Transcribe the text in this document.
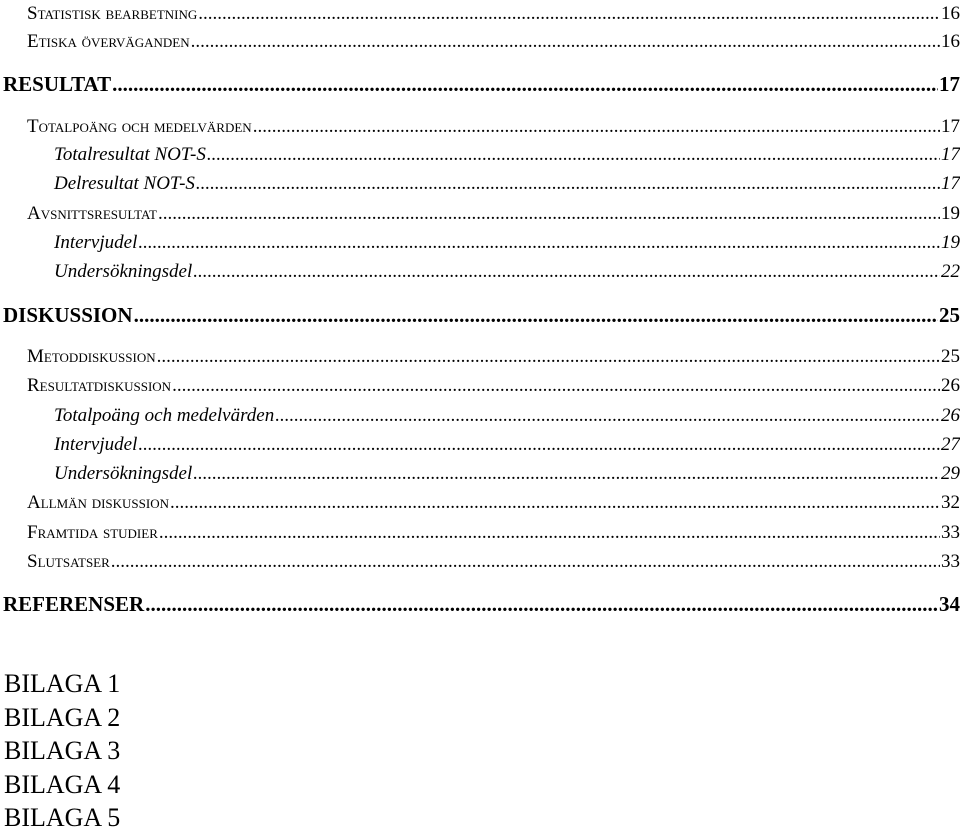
Statistisk bearbetning .....	16
Etiska överväganden .....	16
RESULTAT .....	17
Totalpoäng och medelvärden .....	17
Totalresultat NOT-S .....	17
Delresultat NOT-S .....	17
Avsnittsresultat .....	19
Intervjudel .....	19
Undersökningsdel .....	22
DISKUSSION .....	25
Metoddiskussion .....	25
Resultatdiskussion .....	26
Totalpoäng och medelvärden .....	26
Intervjudel .....	27
Undersökningsdel .....	29
Allmän diskussion .....	32
Framtida studier .....	33
Slutsatser .....	33
REFERENSER .....	34
BILAGA 1
BILAGA 2
BILAGA 3
BILAGA 4
BILAGA 5
